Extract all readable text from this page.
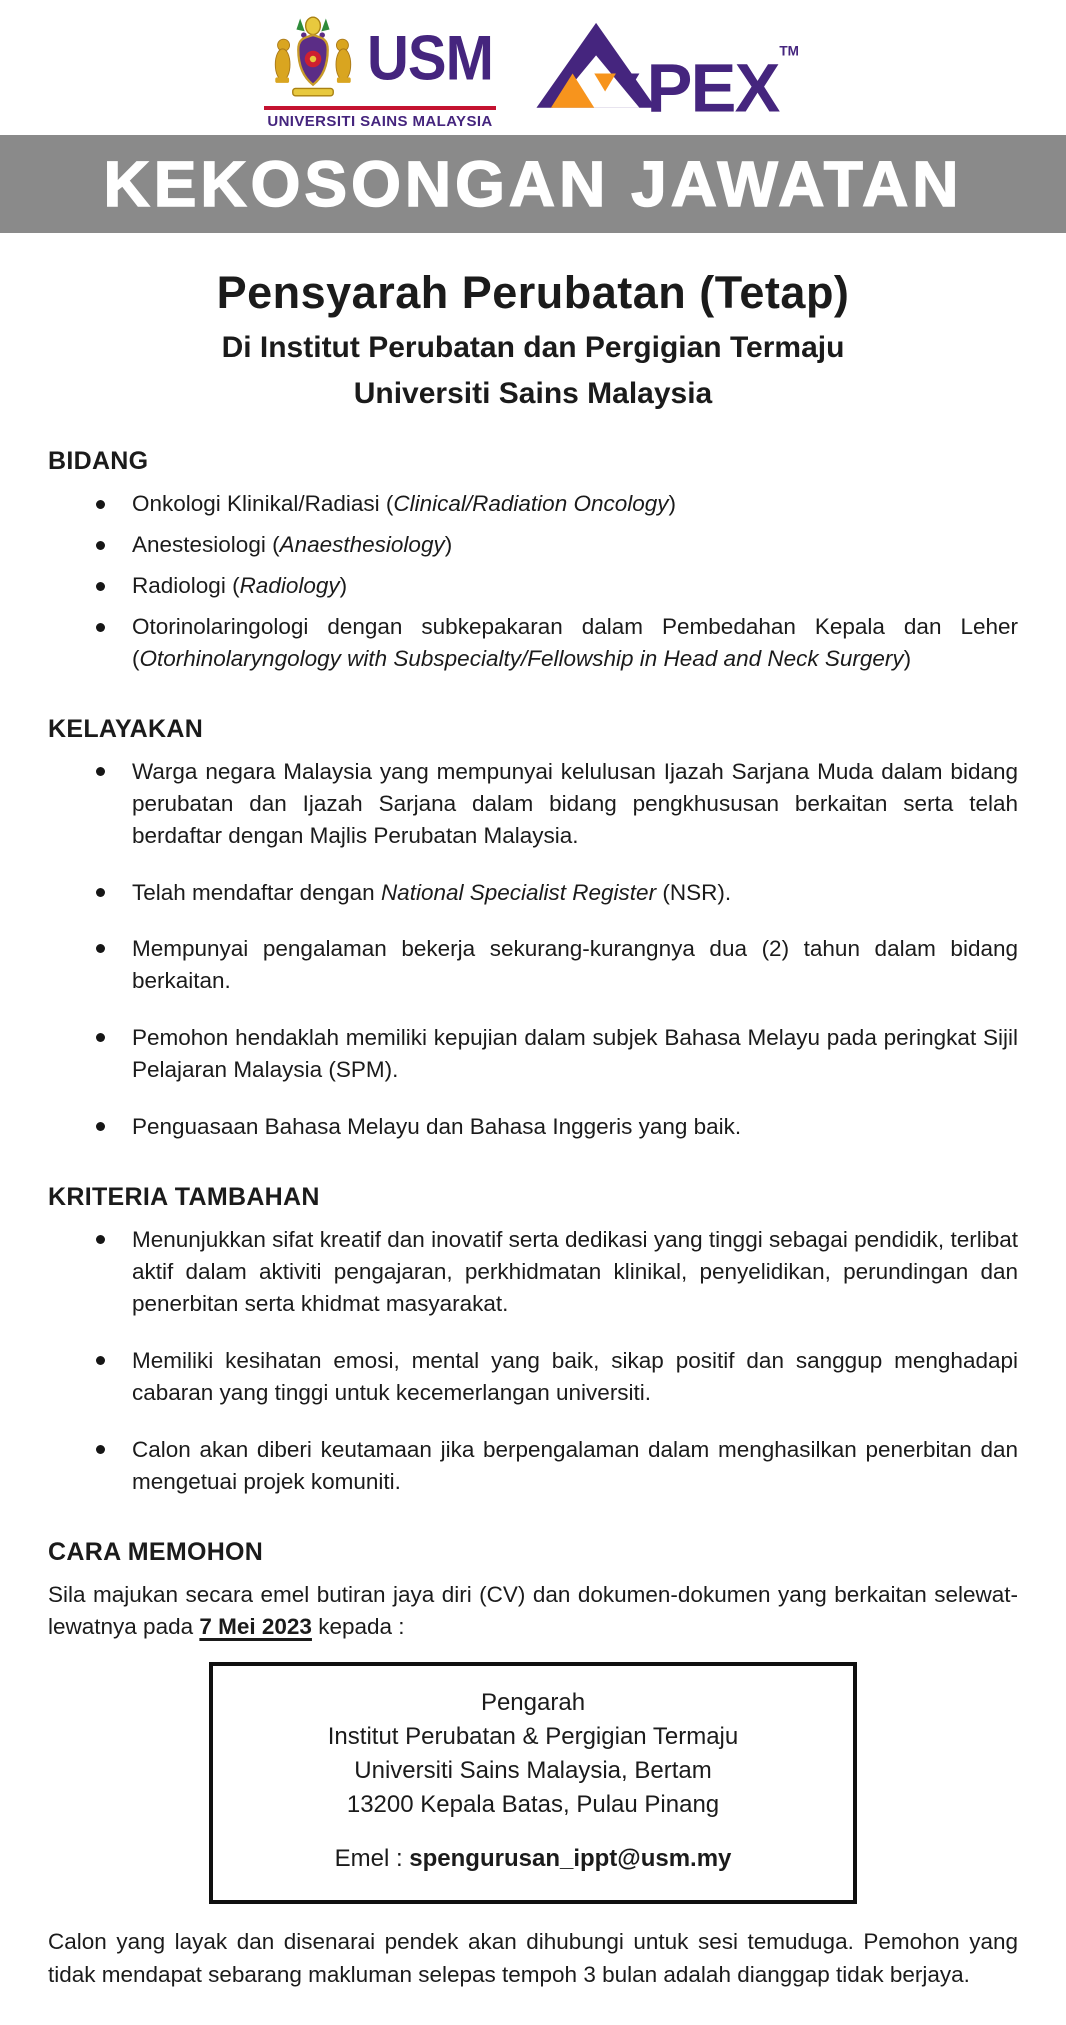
USM
UNIVERSITI SAINS MALAYSIA PEX TM
KEKOSONGAN JAWATAN
Pensyarah Perubatan (Tetap)
Di Institut Perubatan dan Pergigian Termaju
Universiti Sains Malaysia
BIDANG
Onkologi Klinikal/Radiasi (Clinical/Radiation Oncology)
Anestesiologi (Anaesthesiology)
Radiologi (Radiology)
Otorinolaringologi dengan subkepakaran dalam Pembedahan Kepala dan Leher (Otorhinolaryngology with Subspecialty/Fellowship in Head and Neck Surgery)
KELAYAKAN
Warga negara Malaysia yang mempunyai kelulusan Ijazah Sarjana Muda dalam bidang perubatan dan Ijazah Sarjana dalam bidang pengkhususan berkaitan serta telah berdaftar dengan Majlis Perubatan Malaysia.
Telah mendaftar dengan National Specialist Register (NSR).
Mempunyai pengalaman bekerja sekurang-kurangnya dua (2) tahun dalam bidang berkaitan.
Pemohon hendaklah memiliki kepujian dalam subjek Bahasa Melayu pada peringkat Sijil Pelajaran Malaysia (SPM).
Penguasaan Bahasa Melayu dan Bahasa Inggeris yang baik.
KRITERIA TAMBAHAN
Menunjukkan sifat kreatif dan inovatif serta dedikasi yang tinggi sebagai pendidik, terlibat aktif dalam aktiviti pengajaran, perkhidmatan klinikal, penyelidikan, perundingan dan penerbitan serta khidmat masyarakat.
Memiliki kesihatan emosi, mental yang baik, sikap positif dan sanggup menghadapi cabaran yang tinggi untuk kecemerlangan universiti.
Calon akan diberi keutamaan jika berpengalaman dalam menghasilkan penerbitan dan mengetuai projek komuniti.
CARA MEMOHON

Sila majukan secara emel butiran jaya diri (CV) dan dokumen-dokumen yang berkaitan selewat-lewatnya pada 7 Mei 2023 kepada :

Pengarah
Institut Perubatan & Pergigian Termaju
Universiti Sains Malaysia, Bertam
13200 Kepala Batas, Pulau Pinang

Emel : spengurusan_ippt@usm.my

Calon yang layak dan disenarai pendek akan dihubungi untuk sesi temuduga. Pemohon yang tidak mendapat sebarang makluman selepas tempoh 3 bulan adalah dianggap tidak berjaya.
